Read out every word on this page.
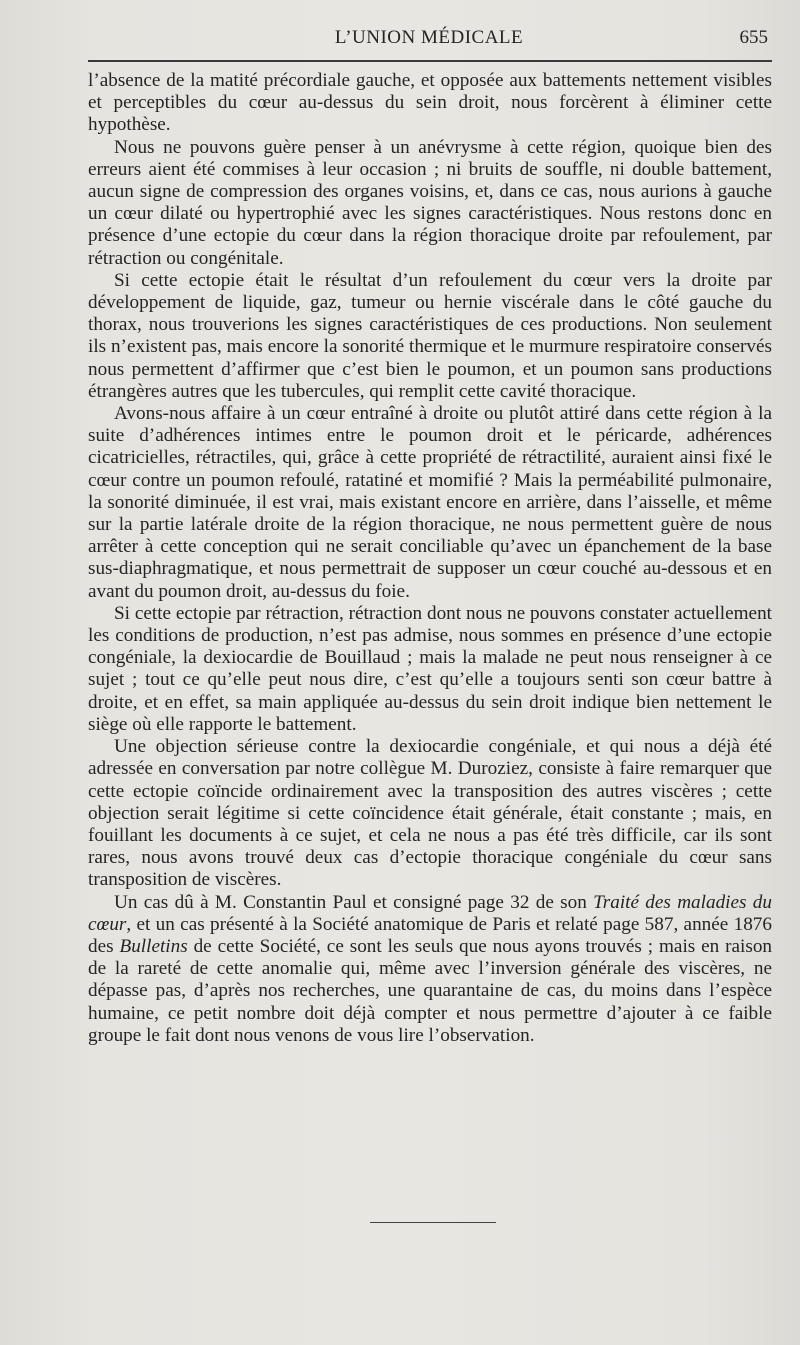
L’UNION MÉDICALE	655

l’absence de la matité précordiale gauche, et opposée aux battements nettement visibles et perceptibles du cœur au-dessus du sein droit, nous forcèrent à éliminer cette hypothèse.

Nous ne pouvons guère penser à un anévrysme à cette région, quoique bien des erreurs aient été commises à leur occasion ; ni bruits de souffle, ni double battement, aucun signe de compression des organes voisins, et, dans ce cas, nous aurions à gauche un cœur dilaté ou hypertrophié avec les signes caractéristiques. Nous restons donc en présence d’une ectopie du cœur dans la région thoracique droite par refoulement, par rétraction ou congénitale.

Si cette ectopie était le résultat d’un refoulement du cœur vers la droite par développement de liquide, gaz, tumeur ou hernie viscérale dans le côté gauche du thorax, nous trouverions les signes caractéristiques de ces productions. Non seulement ils n’existent pas, mais encore la sonorité thermique et le murmure respiratoire conservés nous permettent d’affirmer que c’est bien le poumon, et un poumon sans productions étrangères autres que les tubercules, qui remplit cette cavité thoracique.

Avons-nous affaire à un cœur entraîné à droite ou plutôt attiré dans cette région à la suite d’adhérences intimes entre le poumon droit et le péricarde, adhérences cicatricielles, rétractiles, qui, grâce à cette propriété de rétractilité, auraient ainsi fixé le cœur contre un poumon refoulé, ratatiné et momifié ? Mais la perméabilité pulmonaire, la sonorité diminuée, il est vrai, mais existant encore en arrière, dans l’aisselle, et même sur la partie latérale droite de la région thoracique, ne nous permettent guère de nous arrêter à cette conception qui ne serait conciliable qu’avec un épanchement de la base sus-diaphragmatique, et nous permettrait de supposer un cœur couché au-dessous et en avant du poumon droit, au-dessus du foie.

Si cette ectopie par rétraction, rétraction dont nous ne pouvons constater actuellement les conditions de production, n’est pas admise, nous sommes en présence d’une ectopie congéniale, la dexiocardie de Bouillaud ; mais la malade ne peut nous renseigner à ce sujet ; tout ce qu’elle peut nous dire, c’est qu’elle a toujours senti son cœur battre à droite, et en effet, sa main appliquée au-dessus du sein droit indique bien nettement le siège où elle rapporte le battement.

Une objection sérieuse contre la dexiocardie congéniale, et qui nous a déjà été adressée en conversation par notre collègue M. Duroziez, consiste à faire remarquer que cette ectopie coïncide ordinairement avec la transposition des autres viscères ; cette objection serait légitime si cette coïncidence était générale, était constante ; mais, en fouillant les documents à ce sujet, et cela ne nous a pas été très difficile, car ils sont rares, nous avons trouvé deux cas d’ectopie thoracique congéniale du cœur sans transposition de viscères.

Un cas dû à M. Constantin Paul et consigné page 32 de son Traité des maladies du cœur, et un cas présenté à la Société anatomique de Paris et relaté page 587, année 1876 des Bulletins de cette Société, ce sont les seuls que nous ayons trouvés ; mais en raison de la rareté de cette anomalie qui, même avec l’inversion générale des viscères, ne dépasse pas, d’après nos recherches, une quarantaine de cas, du moins dans l’espèce humaine, ce petit nombre doit déjà compter et nous permettre d’ajouter à ce faible groupe le fait dont nous venons de vous lire l’observation.
